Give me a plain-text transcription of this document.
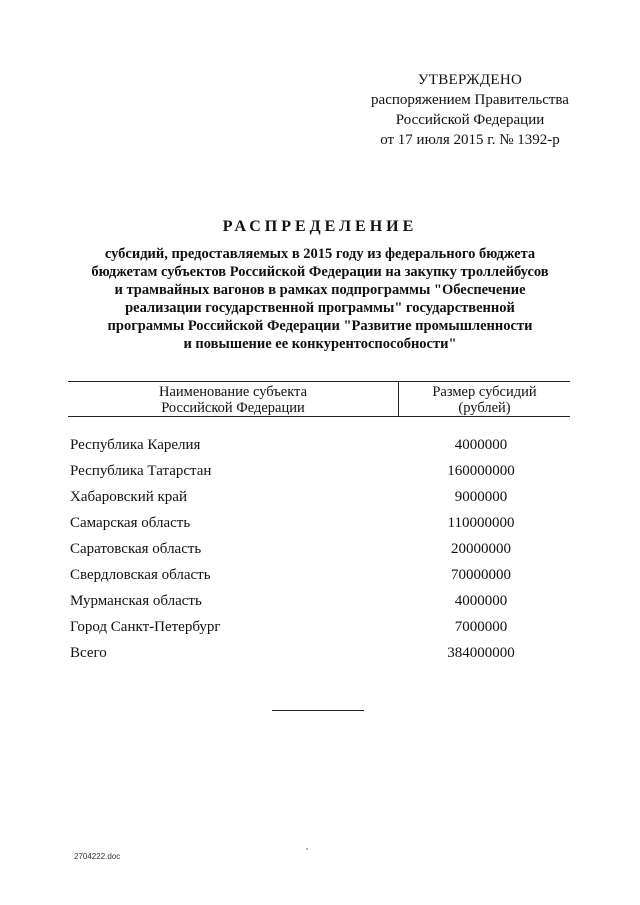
УТВЕРЖДЕНО
распоряжением Правительства
Российской Федерации
от 17 июля 2015 г. № 1392-р
РАСПРЕДЕЛЕНИЕ
субсидий, предоставляемых в 2015 году из федерального бюджета
бюджетам субъектов Российской Федерации на закупку троллейбусов
и трамвайных вагонов в рамках подпрограммы "Обеспечение
реализации государственной программы" государственной
программы Российской Федерации "Развитие промышленности
и повышение ее конкурентоспособности"
Наименование субъекта
Российской Федерации
Размер субсидий
(рублей)
Республика Карелия	4000000
Республика Татарстан	160000000
Хабаровский край	9000000
Самарская область	110000000
Саратовская область	20000000
Свердловская область	70000000
Мурманская область	4000000
Город Санкт-Петербург	7000000
Всего	384000000
2704222.doc
